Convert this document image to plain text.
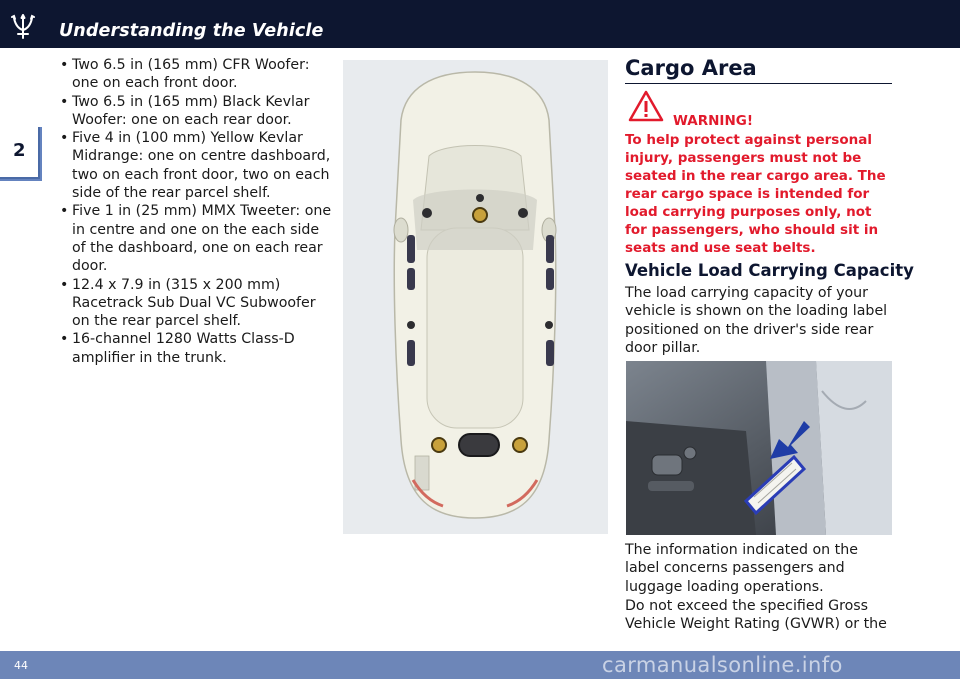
Understanding the Vehicle
2
• Two 6.5 in (165 mm) CFR Woofer: one on each front door.
• Two 6.5 in (165 mm) Black Kevlar Woofer: one on each rear door.
• Five 4 in (100 mm) Yellow Kevlar Midrange: one on centre dashboard, two on each front door, two on each side of the rear parcel shelf.
• Five 1 in (25 mm) MMX Tweeter: one in centre and one on the each side of the dashboard, one on each rear door.
• 12.4 x 7.9 in (315 x 200 mm) Racetrack Sub Dual VC Subwoofer on the rear parcel shelf.
• 16-channel 1280 Watts Class-D amplifier in the trunk.
Cargo Area
WARNING!
To help protect against personal injury, passengers must not be seated in the rear cargo area. The rear cargo space is intended for load carrying purposes only, not for passengers, who should sit in seats and use seat belts.
Vehicle Load Carrying Capacity
The load carrying capacity of your vehicle is shown on the loading label positioned on the driver's side rear door pillar.
The information indicated on the label concerns passengers and luggage loading operations.
Do not exceed the specified Gross Vehicle Weight Rating (GVWR) or the
44	carmanualsonline.info
